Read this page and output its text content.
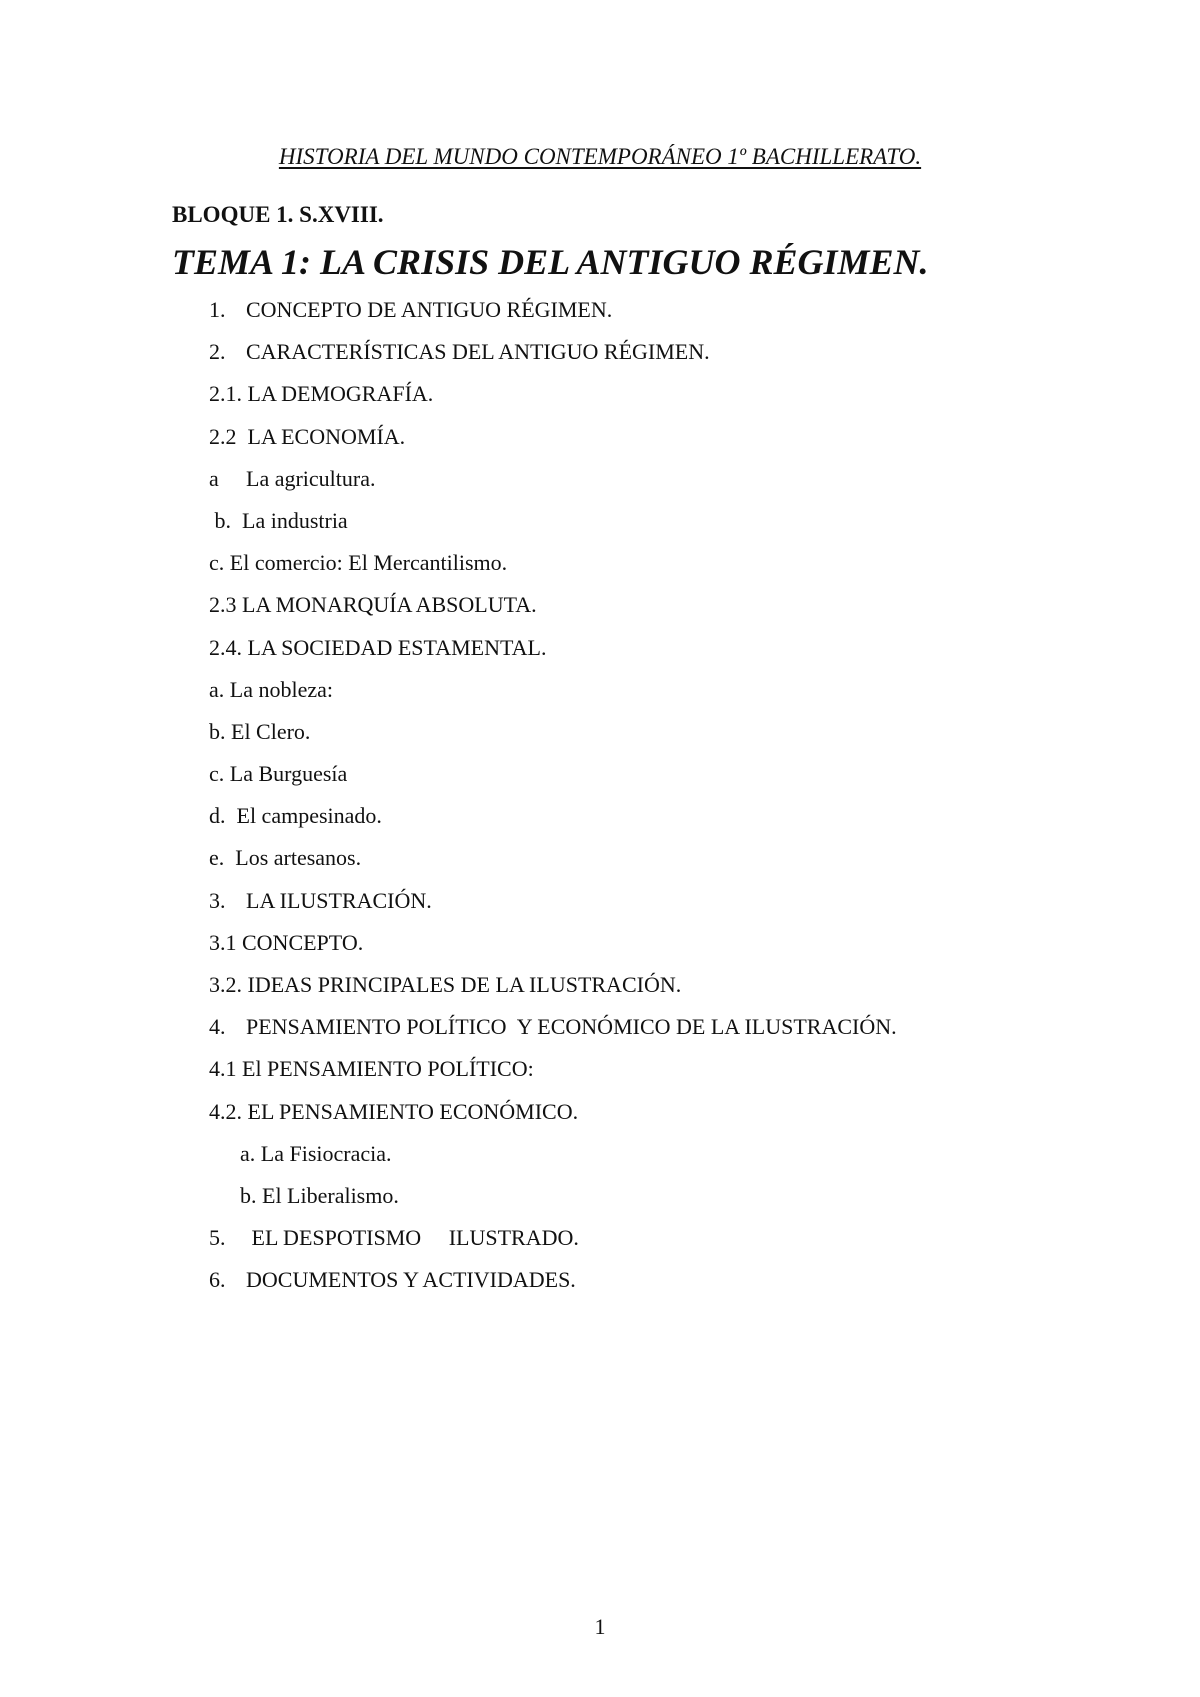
HISTORIA DEL MUNDO CONTEMPORÁNEO 1º BACHILLERATO.
BLOQUE 1. S.XVIII.
TEMA 1: LA CRISIS DEL ANTIGUO RÉGIMEN.
1. CONCEPTO DE ANTIGUO RÉGIMEN.
2. CARACTERÍSTICAS DEL ANTIGUO RÉGIMEN.
2.1. LA DEMOGRAFÍA.
2.2  LA ECONOMÍA.
a La agricultura.
b.  La industria
c. El comercio: El Mercantilismo.
2.3 LA MONARQUÍA ABSOLUTA.
2.4. LA SOCIEDAD ESTAMENTAL.
a. La nobleza:
b. El Clero.
c. La Burguesía
d.  El campesinado.
e.  Los artesanos.
3. LA ILUSTRACIÓN.
3.1 CONCEPTO.
3.2. IDEAS PRINCIPALES DE LA ILUSTRACIÓN.
4. PENSAMIENTO POLÍTICO  Y ECONÓMICO DE LA ILUSTRACIÓN.
4.1 El PENSAMIENTO POLÍTICO:
4.2. EL PENSAMIENTO ECONÓMICO.
a. La Fisiocracia.
b. El Liberalismo.
5. EL DESPOTISMO     ILUSTRADO.
6. DOCUMENTOS Y ACTIVIDADES.
1
